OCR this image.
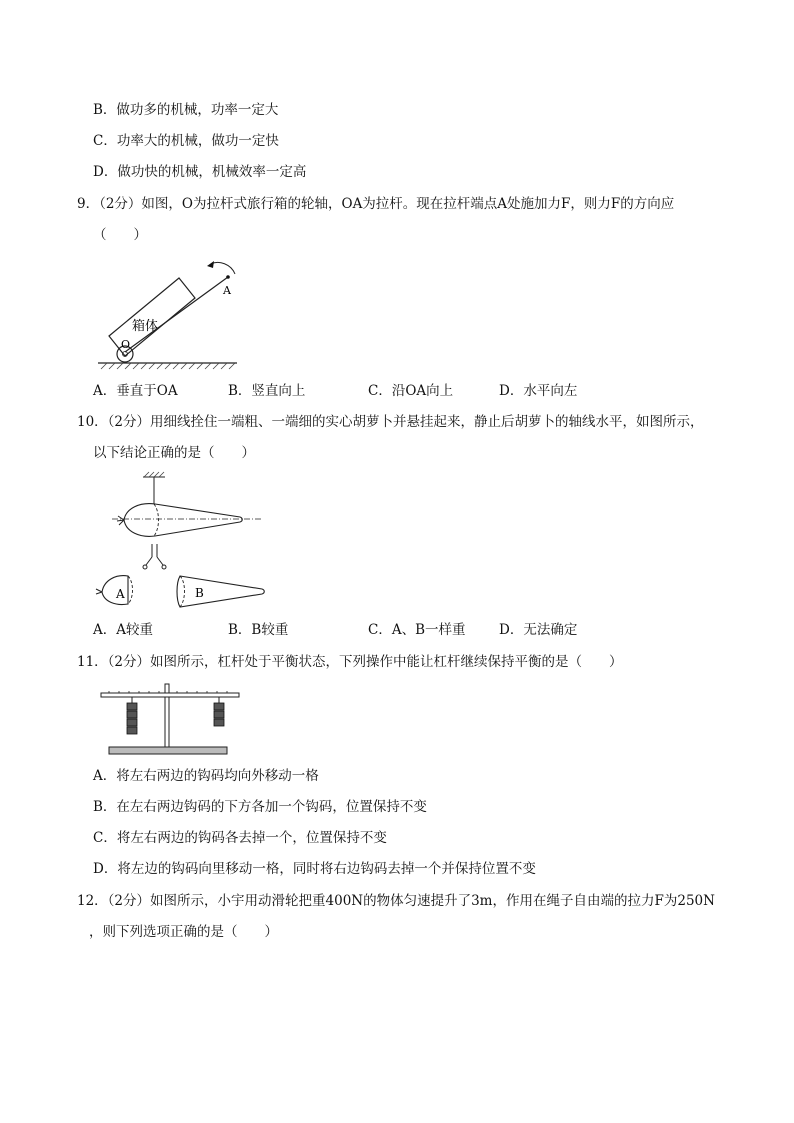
B．做功多的机械，功率一定大
C．功率大的机械，做功一定快
D．做功快的机械，机械效率一定高
9．（2分）如图，O为拉杆式旅行箱的轮轴，OA为拉杆。现在拉杆端点A处施加力F，则力F的方向应
（　　）
箱体
A
O
A．垂直于OA	B．竖直向上	C．沿OA向上	D．水平向左
10．（2分）用细线拴住一端粗、一端细的实心胡萝卜并悬挂起来，静止后胡萝卜的轴线水平，如图所示，
以下结论正确的是（　　）
A	B
A．A较重	B．B较重	C．A、B一样重 D．无法确定
11．（2分）如图所示，杠杆处于平衡状态，下列操作中能让杠杆继续保持平衡的是（　　）
A．将左右两边的钩码均向外移动一格
B．在左右两边钩码的下方各加一个钩码，位置保持不变
C．将左右两边的钩码各去掉一个，位置保持不变
D．将左边的钩码向里移动一格，同时将右边钩码去掉一个并保持位置不变
12．（2分）如图所示，小宇用动滑轮把重400N的物体匀速提升了3m，作用在绳子自由端的拉力F为250N
，则下列选项正确的是（　　）
